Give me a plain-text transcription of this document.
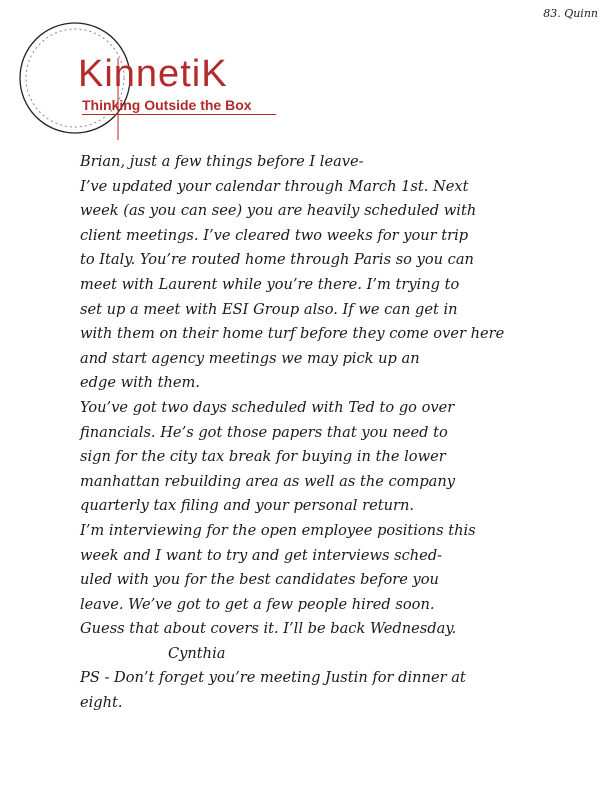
83. Quinn
KinnetiK
Thinking Outside the Box
Brian, just a few things before I leave-
I’ve updated your calendar through March 1st. Next
week (as you can see) you are heavily scheduled with
client meetings. I’ve cleared two weeks for your trip
to Italy. You’re routed home through Paris so you can
meet with Laurent while you’re there. I’m trying to
set up a meet with ESI Group also. If we can get in
with them on their home turf before they come over here
and start agency meetings we may pick up an
edge with them.
You’ve got two days scheduled with Ted to go over
financials. He’s got those papers that you need to
sign for the city tax break for buying in the lower
manhattan rebuilding area as well as the company
quarterly tax filing and your personal return.
I’m interviewing for the open employee positions this
week and I want to try and get interviews sched-
uled with you for the best candidates before you
leave. We’ve got to get a few people hired soon.
Guess that about covers it. I’ll be back Wednesday.
Cynthia
PS - Don’t forget you’re meeting Justin for dinner at
eight.
